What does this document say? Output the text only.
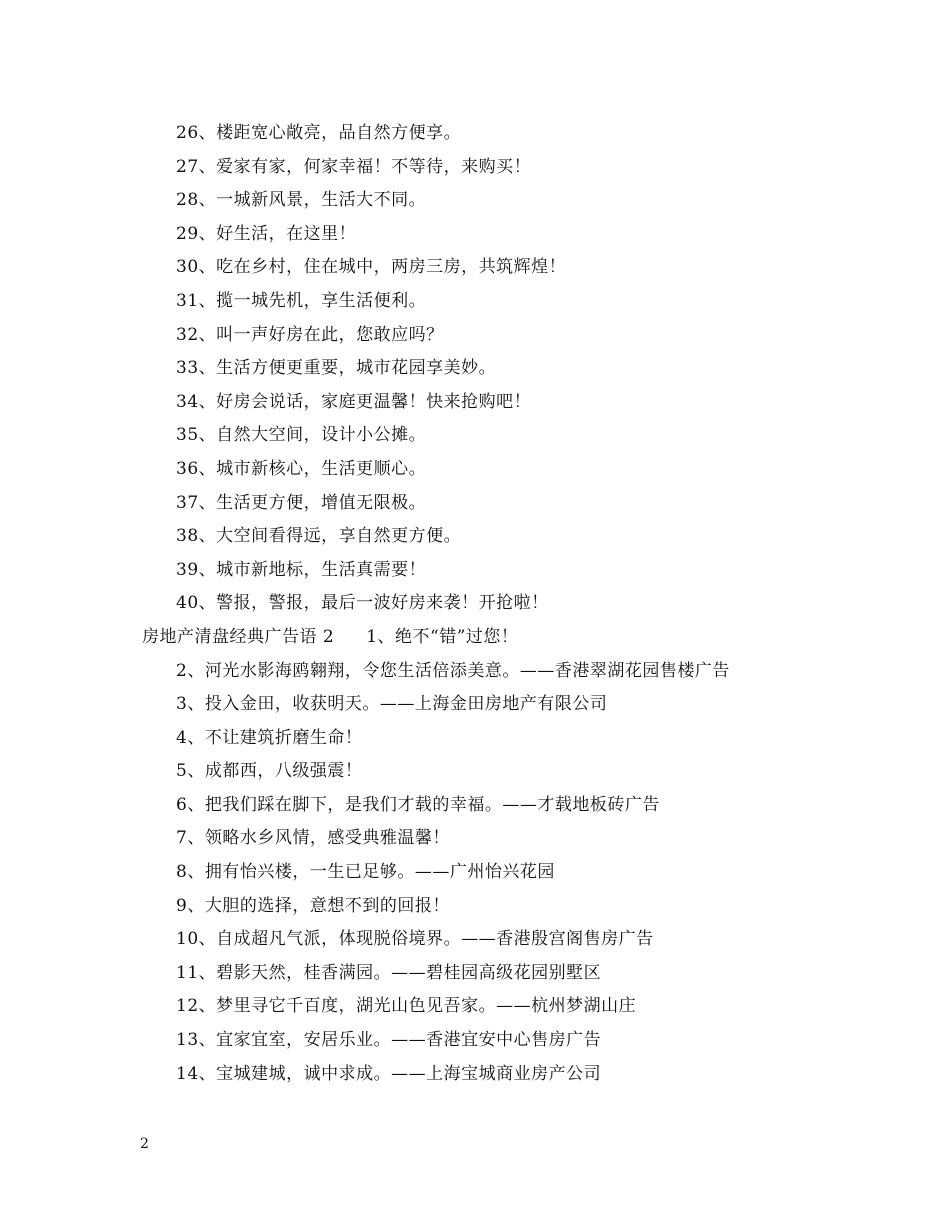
26、楼距宽心敞亮，品自然方便享。
27、爱家有家，何家幸福！不等待，来购买！
28、一城新风景，生活大不同。
29、好生活，在这里！
30、吃在乡村，住在城中，两房三房，共筑辉煌！
31、揽一城先机，享生活便利。
32、叫一声好房在此，您敢应吗？
33、生活方便更重要，城市花园享美妙。
34、好房会说话，家庭更温馨！快来抢购吧！
35、自然大空间，设计小公摊。
36、城市新核心，生活更顺心。
37、生活更方便，增值无限极。
38、大空间看得远，享自然更方便。
39、城市新地标，生活真需要！
40、警报，警报，最后一波好房来袭！开抢啦！
房地产清盘经典广告语 2 1、绝不“错”过您！
2、河光水影海鸥翱翔，令您生活倍添美意。——香港翠湖花园售楼广告
3、投入金田，收获明天。——上海金田房地产有限公司
4、不让建筑折磨生命！
5、成都西，八级强震！
6、把我们踩在脚下，是我们才载的幸福。——才载地板砖广告
7、领略水乡风情，感受典雅温馨！
8、拥有怡兴楼，一生已足够。——广州怡兴花园
9、大胆的选择，意想不到的回报！
10、自成超凡气派，体现脱俗境界。——香港殷宫阁售房广告
11、碧影天然，桂香满园。——碧桂园高级花园别墅区
12、梦里寻它千百度，湖光山色见吾家。——杭州梦湖山庄
13、宜家宜室，安居乐业。——香港宜安中心售房广告
14、宝城建城，诚中求成。——上海宝城商业房产公司
2
